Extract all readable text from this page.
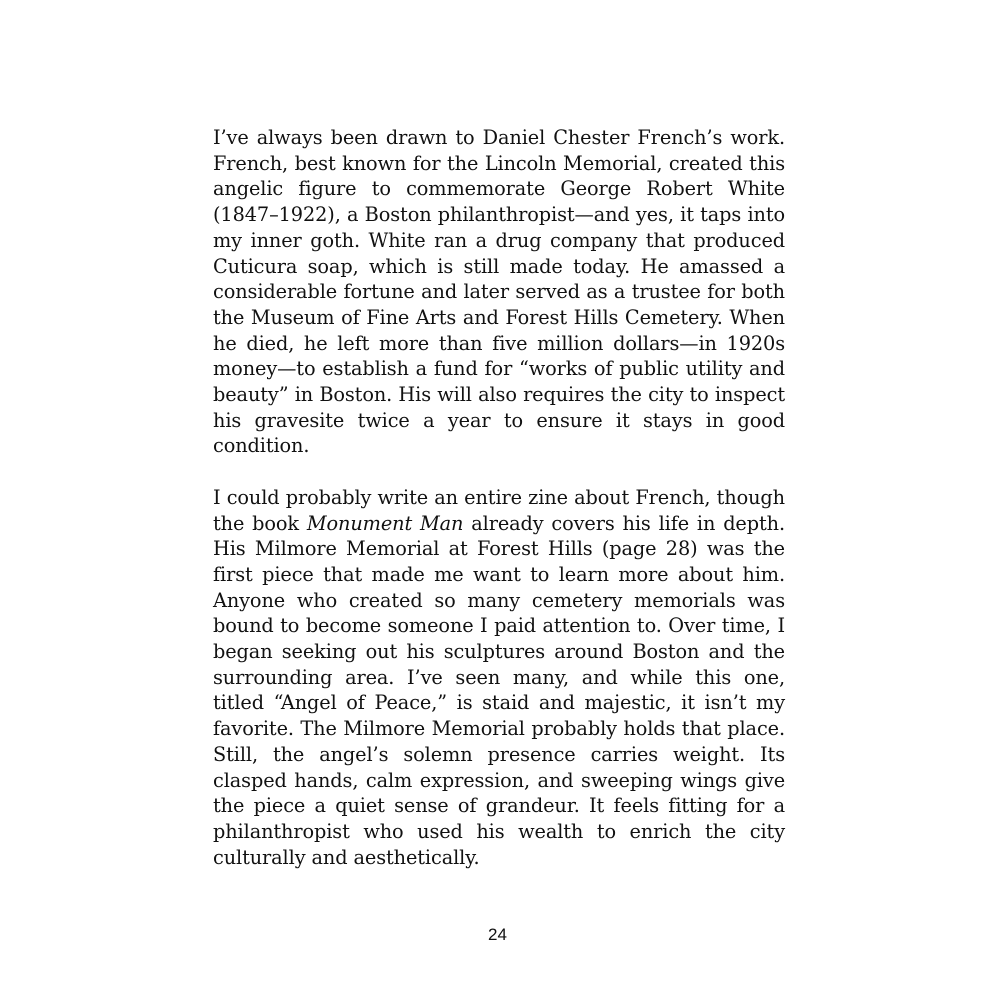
I’ve always been drawn to Daniel Chester French’s work. French, best known for the Lincoln Memorial, created this angelic figure to commemorate George Robert White (1847–1922), a Boston philanthropist—and yes, it taps into my inner goth. White ran a drug company that produced Cuticura soap, which is still made today. He amassed a considerable fortune and later served as a trustee for both the Museum of Fine Arts and Forest Hills Cemetery. When he died, he left more than five million dollars—in 1920s money—to establish a fund for “works of public utility and beauty” in Boston. His will also requires the city to inspect his gravesite twice a year to ensure it stays in good condition.

I could probably write an entire zine about French, though the book Monument Man already covers his life in depth. His Milmore Memorial at Forest Hills (page 28) was the first piece that made me want to learn more about him. Anyone who created so many cemetery memorials was bound to become someone I paid attention to. Over time, I began seeking out his sculptures around Boston and the surrounding area. I’ve seen many, and while this one, titled “Angel of Peace,” is staid and majestic, it isn’t my favorite. The Milmore Memorial probably holds that place. Still, the angel’s solemn presence carries weight. Its clasped hands, calm expression, and sweeping wings give the piece a quiet sense of grandeur. It feels fitting for a philanthropist who used his wealth to enrich the city culturally and aesthetically.

24
